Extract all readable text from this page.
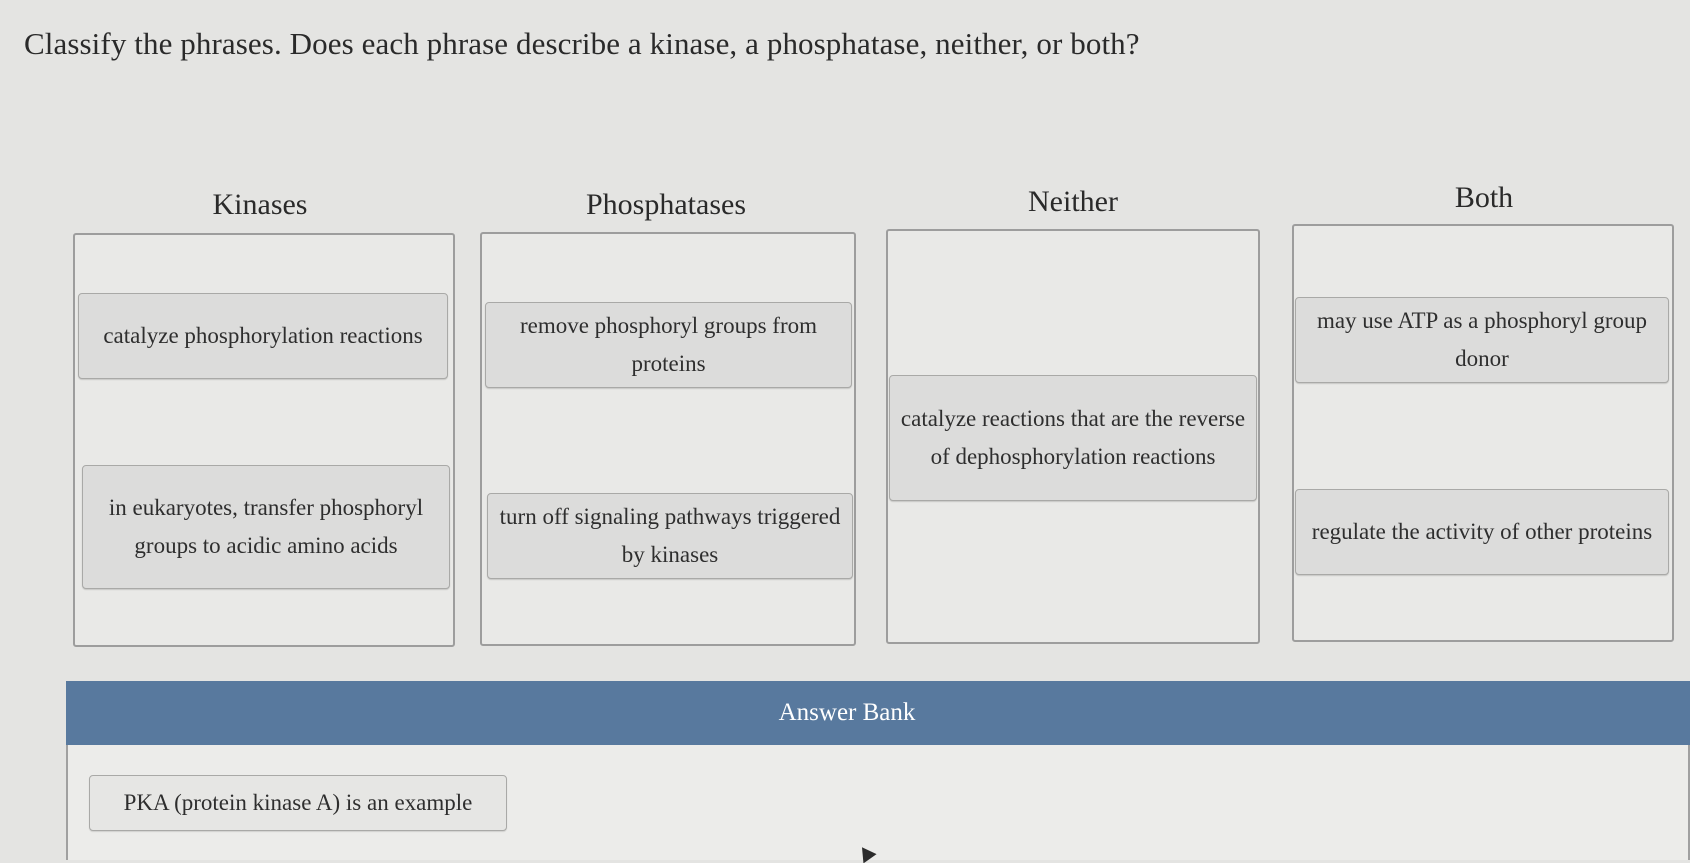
Classify the phrases. Does each phrase describe a kinase, a phosphatase, neither, or both?
Kinases	Phosphatases	Neither	Both
catalyze phosphorylation reactions
in eukaryotes, transfer phosphoryl groups to acidic amino acids
remove phosphoryl groups from proteins
turn off signaling pathways triggered by kinases
catalyze reactions that are the reverse of dephosphorylation reactions
may use ATP as a phosphoryl group donor
regulate the activity of other proteins
Answer Bank
PKA (protein kinase A) is an example
